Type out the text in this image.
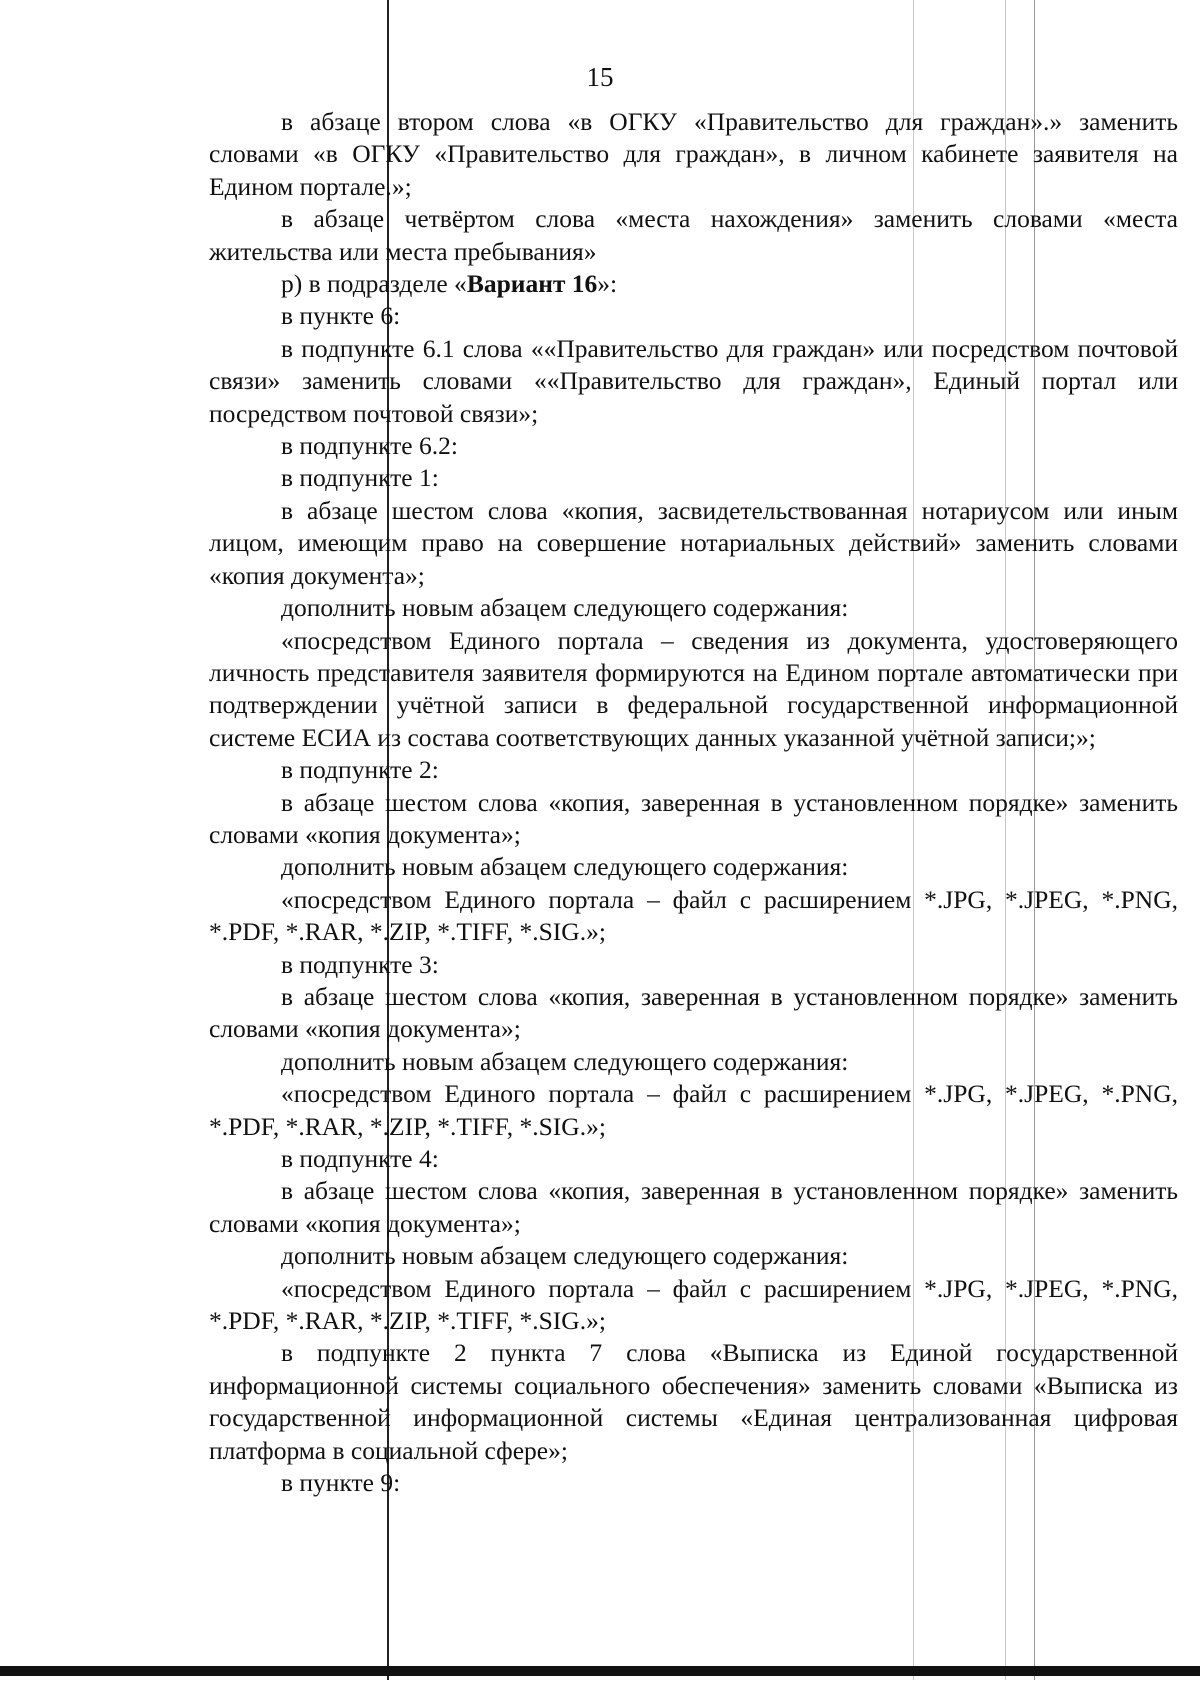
15

в абзаце втором слова «в ОГКУ «Правительство для граждан».» заменить словами «в ОГКУ «Правительство для граждан», в личном кабинете заявителя на Едином портале.»;

в абзаце четвёртом слова «места нахождения» заменить словами «места жительства или места пребывания»

р) в подразделе «Вариант 16»:

в пункте 6:

в подпункте 6.1 слова ««Правительство для граждан» или посредством почтовой связи» заменить словами ««Правительство для граждан», Единый портал или посредством почтовой связи»;

в подпункте 6.2:

в подпункте 1:

в абзаце шестом слова «копия, засвидетельствованная нотариусом или иным лицом, имеющим право на совершение нотариальных действий» заменить словами «копия документа»;

дополнить новым абзацем следующего содержания:

«посредством Единого портала – сведения из документа, удостоверяющего личность представителя заявителя формируются на Едином портале автоматически при подтверждении учётной записи в федеральной государственной информационной системе ЕСИА из состава соответствующих данных указанной учётной записи;»;

в подпункте 2:

в абзаце шестом слова «копия, заверенная в установленном порядке» заменить словами «копия документа»;

дополнить новым абзацем следующего содержания:

«посредством Единого портала – файл с расширением *.JPG, *.JPEG, *.PNG, *.PDF, *.RAR, *.ZIP, *.TIFF, *.SIG.»;

в подпункте 3:

в абзаце шестом слова «копия, заверенная в установленном порядке» заменить словами «копия документа»;

дополнить новым абзацем следующего содержания:

«посредством Единого портала – файл с расширением *.JPG, *.JPEG, *.PNG, *.PDF, *.RAR, *.ZIP, *.TIFF, *.SIG.»;

в подпункте 4:

в абзаце шестом слова «копия, заверенная в установленном порядке» заменить словами «копия документа»;

дополнить новым абзацем следующего содержания:

«посредством Единого портала – файл с расширением *.JPG, *.JPEG, *.PNG, *.PDF, *.RAR, *.ZIP, *.TIFF, *.SIG.»;

в подпункте 2 пункта 7 слова «Выписка из Единой государственной информационной системы социального обеспечения» заменить словами «Выписка из государственной информационной системы «Единая централизованная цифровая платформа в социальной сфере»;

в пункте 9:
